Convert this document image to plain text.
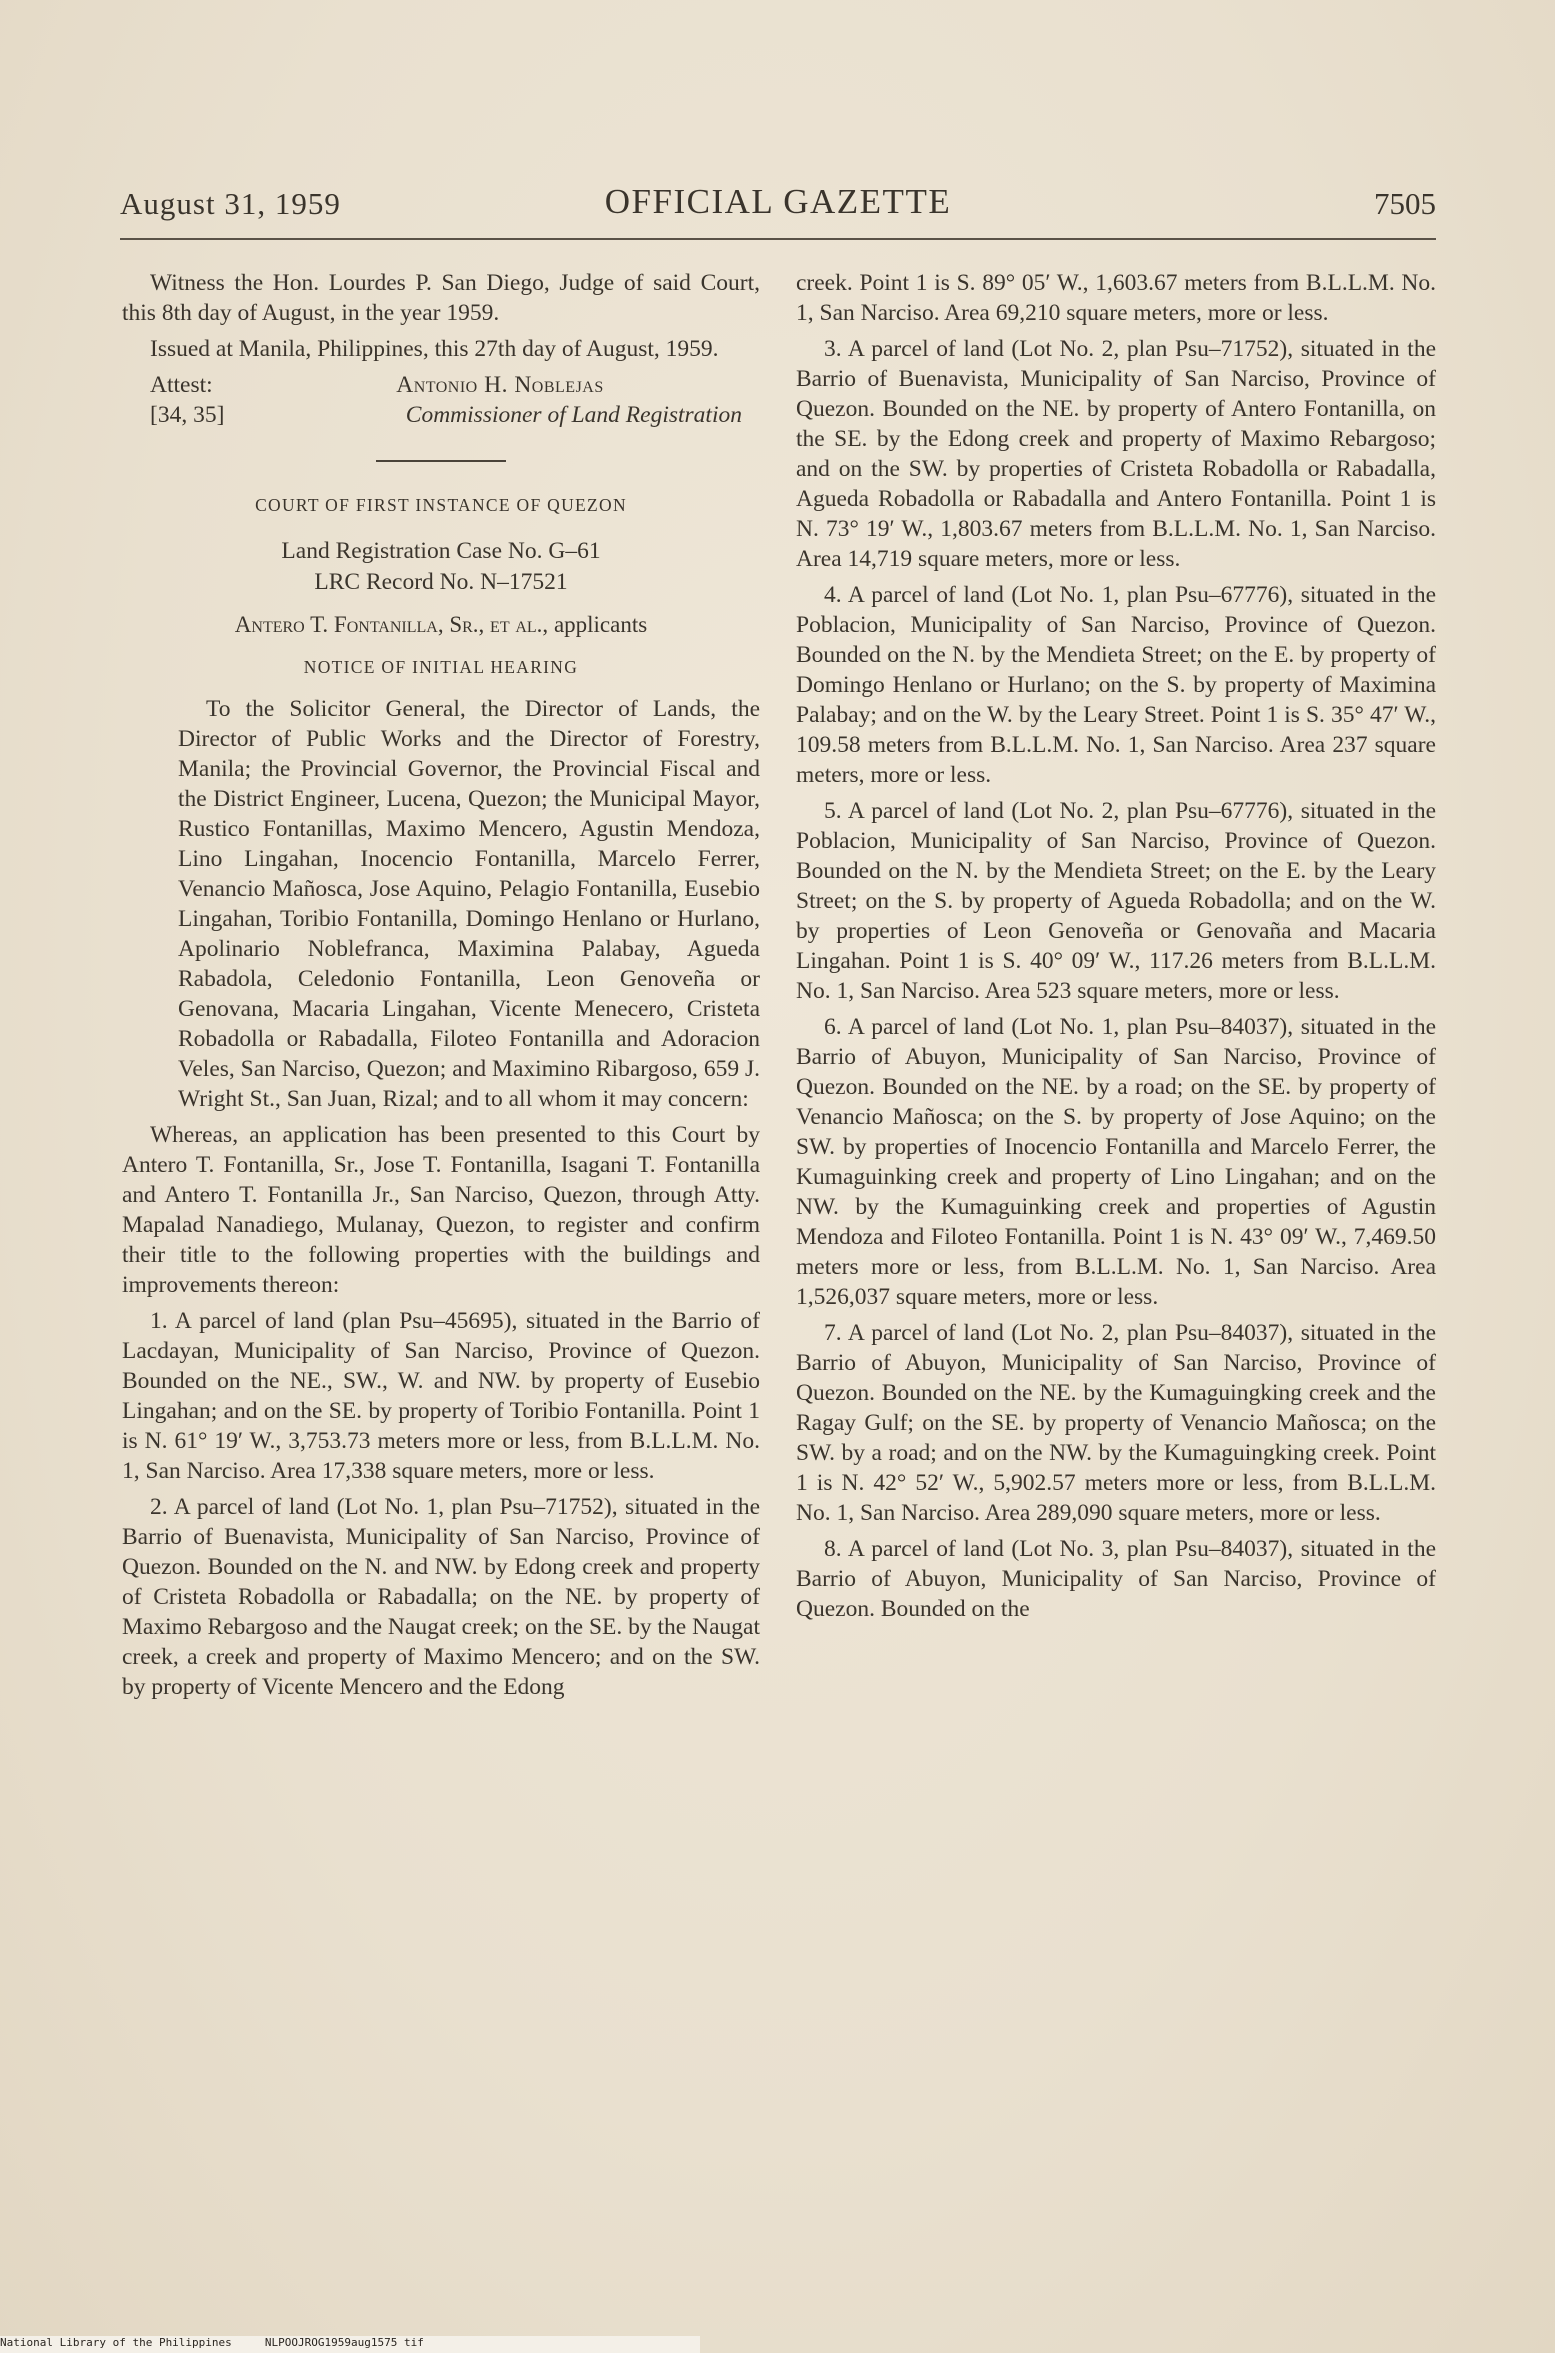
August 31, 1959	OFFICIAL GAZETTE	7505

Witness the Hon. Lourdes P. San Diego, Judge of said Court, this 8th day of August, in the year 1959.

Issued at Manila, Philippines, this 27th day of August, 1959.

Attest:
[34, 35]
Antonio H. Noblejas
Commissioner of Land Registration
COURT OF FIRST INSTANCE OF QUEZON
Land Registration Case No. G–61
LRC Record No. N–17521
Antero T. Fontanilla, Sr., et al., applicants
NOTICE OF INITIAL HEARING

To the Solicitor General, the Director of Lands, the Director of Public Works and the Director of Forestry, Manila; the Provincial Governor, the Provincial Fiscal and the District Engineer, Lucena, Quezon; the Municipal Mayor, Rustico Fontanillas, Maximo Mencero, Agustin Mendoza, Lino Lingahan, Inocencio Fontanilla, Marcelo Ferrer, Venancio Mañosca, Jose Aquino, Pelagio Fontanilla, Eusebio Lingahan, Toribio Fontanilla, Domingo Henlano or Hurlano, Apolinario Noblefranca, Maximina Palabay, Agueda Rabadola, Celedonio Fontanilla, Leon Genoveña or Genovana, Macaria Lingahan, Vicente Menecero, Cristeta Robadolla or Rabadalla, Filoteo Fontanilla and Adoracion Veles, San Narciso, Quezon; and Maximino Ribargoso, 659 J. Wright St., San Juan, Rizal; and to all whom it may concern:

Whereas, an application has been presented to this Court by Antero T. Fontanilla, Sr., Jose T. Fontanilla, Isagani T. Fontanilla and Antero T. Fontanilla Jr., San Narciso, Quezon, through Atty. Mapalad Nanadiego, Mulanay, Quezon, to register and confirm their title to the following properties with the buildings and improvements thereon:

1. A parcel of land (plan Psu–45695), situated in the Barrio of Lacdayan, Municipality of San Narciso, Province of Quezon. Bounded on the NE., SW., W. and NW. by property of Eusebio Lingahan; and on the SE. by property of Toribio Fontanilla. Point 1 is N. 61° 19′ W., 3,753.73 meters more or less, from B.L.L.M. No. 1, San Narciso. Area 17,338 square meters, more or less.

2. A parcel of land (Lot No. 1, plan Psu–71752), situated in the Barrio of Buenavista, Municipality of San Narciso, Province of Quezon. Bounded on the N. and NW. by Edong creek and property of Cristeta Robadolla or Rabadalla; on the NE. by property of Maximo Rebargoso and the Naugat creek; on the SE. by the Naugat creek, a creek and property of Maximo Mencero; and on the SW. by property of Vicente Mencero and the Edong

creek. Point 1 is S. 89° 05′ W., 1,603.67 meters from B.L.L.M. No. 1, San Narciso. Area 69,210 square meters, more or less.

3. A parcel of land (Lot No. 2, plan Psu–71752), situated in the Barrio of Buenavista, Municipality of San Narciso, Province of Quezon. Bounded on the NE. by property of Antero Fontanilla, on the SE. by the Edong creek and property of Maximo Rebargoso; and on the SW. by properties of Cristeta Robadolla or Rabadalla, Agueda Robadolla or Rabadalla and Antero Fontanilla. Point 1 is N. 73° 19′ W., 1,803.67 meters from B.L.L.M. No. 1, San Narciso. Area 14,719 square meters, more or less.

4. A parcel of land (Lot No. 1, plan Psu–67776), situated in the Poblacion, Municipality of San Narciso, Province of Quezon. Bounded on the N. by the Mendieta Street; on the E. by property of Domingo Henlano or Hurlano; on the S. by property of Maximina Palabay; and on the W. by the Leary Street. Point 1 is S. 35° 47′ W., 109.58 meters from B.L.L.M. No. 1, San Narciso. Area 237 square meters, more or less.

5. A parcel of land (Lot No. 2, plan Psu–67776), situated in the Poblacion, Municipality of San Narciso, Province of Quezon. Bounded on the N. by the Mendieta Street; on the E. by the Leary Street; on the S. by property of Agueda Robadolla; and on the W. by properties of Leon Genoveña or Genovaña and Macaria Lingahan. Point 1 is S. 40° 09′ W., 117.26 meters from B.L.L.M. No. 1, San Narciso. Area 523 square meters, more or less.

6. A parcel of land (Lot No. 1, plan Psu–84037), situated in the Barrio of Abuyon, Municipality of San Narciso, Province of Quezon. Bounded on the NE. by a road; on the SE. by property of Venancio Mañosca; on the S. by property of Jose Aquino; on the SW. by properties of Inocencio Fontanilla and Marcelo Ferrer, the Kumaguinking creek and property of Lino Lingahan; and on the NW. by the Kumaguinking creek and properties of Agustin Mendoza and Filoteo Fontanilla. Point 1 is N. 43° 09′ W., 7,469.50 meters more or less, from B.L.L.M. No. 1, San Narciso. Area 1,526,037 square meters, more or less.

7. A parcel of land (Lot No. 2, plan Psu–84037), situated in the Barrio of Abuyon, Municipality of San Narciso, Province of Quezon. Bounded on the NE. by the Kumaguingking creek and the Ragay Gulf; on the SE. by property of Venancio Mañosca; on the SW. by a road; and on the NW. by the Kumaguingking creek. Point 1 is N. 42° 52′ W., 5,902.57 meters more or less, from B.L.L.M. No. 1, San Narciso. Area 289,090 square meters, more or less.

8. A parcel of land (Lot No. 3, plan Psu–84037), situated in the Barrio of Abuyon, Municipality of San Narciso, Province of Quezon. Bounded on the

National Library of the Philippines     NLPOOJROG1959aug1575 tif
